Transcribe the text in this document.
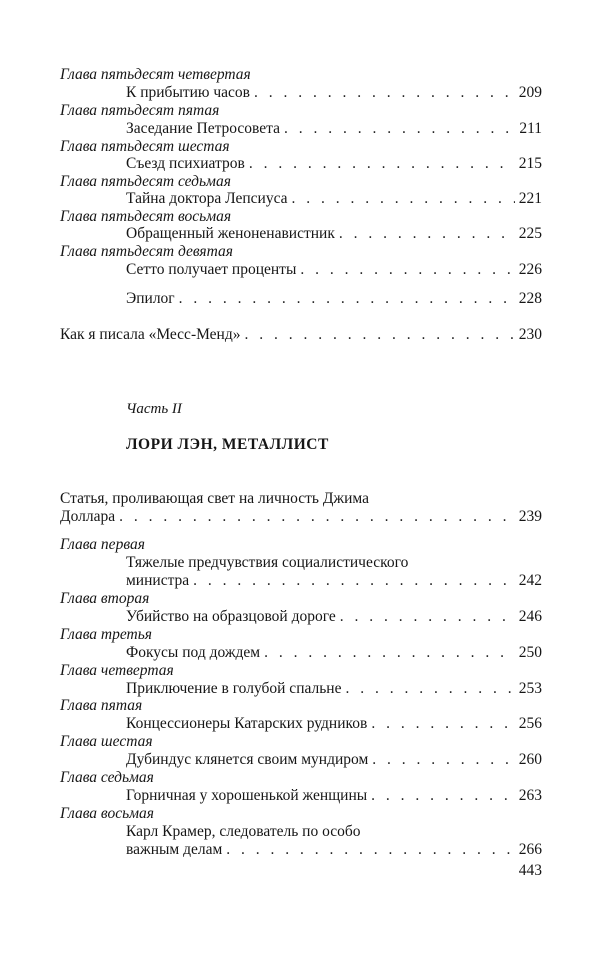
Глава пятьдесят четвертая
К прибытию часов . . .	209
Глава пятьдесят пятая
Заседание Петросовета . . .	211
Глава пятьдесят шестая
Съезд психиатров . . .	215
Глава пятьдесят седьмая
Тайна доктора Лепсиуса . . .	221
Глава пятьдесят восьмая
Обращенный женоненавистник . . .	225
Глава пятьдесят девятая
Сетто получает проценты . . .	226
Эпилог . . .	228
Как я писала «Месс-Менд» . . .	230
Часть II
ЛОРИ ЛЭН, МЕТАЛЛИСТ
Статья, проливающая свет на личность Джима
Доллара . . .	239
Глава первая
Тяжелые предчувствия социалистического
министра . . .	242
Глава вторая
Убийство на образцовой дороге . . .	246
Глава третья
Фокусы под дождем . . .	250
Глава четвертая
Приключение в голубой спальне . . .	253
Глава пятая
Концессионеры Катарских рудников . . .	256
Глава шестая
Дубиндус клянется своим мундиром . . .	260
Глава седьмая
Горничная у хорошенькой женщины . . .	263
Глава восьмая
Карл Крамер, следователь по особо
важным делам . . .	266
443
